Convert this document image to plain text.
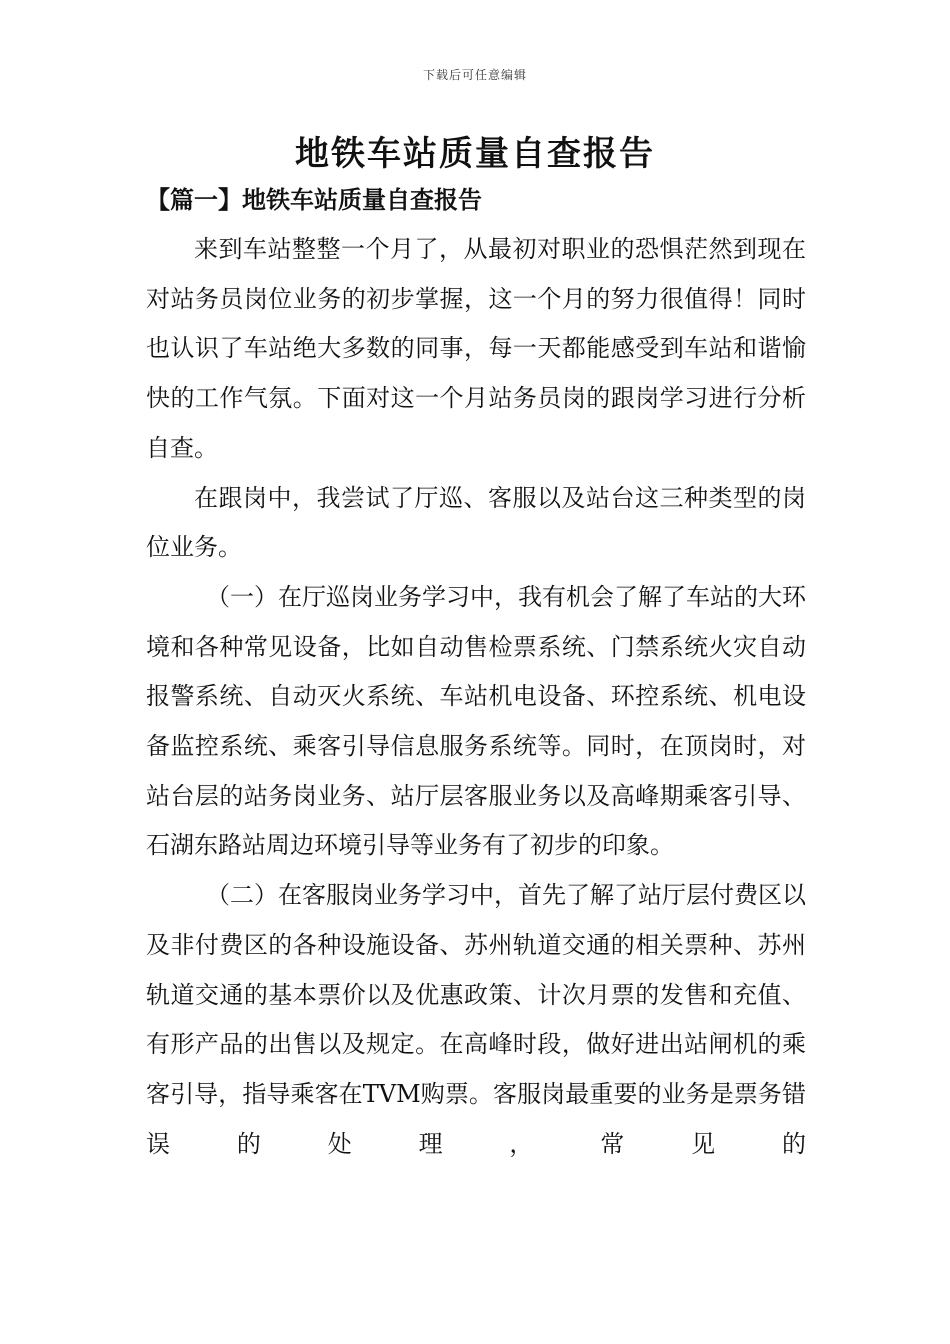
下载后可任意编辑
地铁车站质量自查报告
【篇一】地铁车站质量自查报告

来到车站整整一个月了，从最初对职业的恐惧茫然到现在对站务员岗位业务的初步掌握，这一个月的努力很值得！同时也认识了车站绝大多数的同事，每一天都能感受到车站和谐愉快的工作气氛。下面对这一个月站务员岗的跟岗学习进行分析自查。

在跟岗中，我尝试了厅巡、客服以及站台这三种类型的岗位业务。

（一）在厅巡岗业务学习中，我有机会了解了车站的大环境和各种常见设备，比如自动售检票系统、门禁系统火灾自动报警系统、自动灭火系统、车站机电设备、环控系统、机电设备监控系统、乘客引导信息服务系统等。同时，在顶岗时，对站台层的站务岗业务、站厅层客服业务以及高峰期乘客引导、石湖东路站周边环境引导等业务有了初步的印象。

（二）在客服岗业务学习中，首先了解了站厅层付费区以及非付费区的各种设施设备、苏州轨道交通的相关票种、苏州轨道交通的基本票价以及优惠政策、计次月票的发售和充值、有形产品的出售以及规定。在高峰时段，做好进出站闸机的乘客引导，指导乘客在TVM购票。客服岗最重要的业务是票务错误的处理，常见的
